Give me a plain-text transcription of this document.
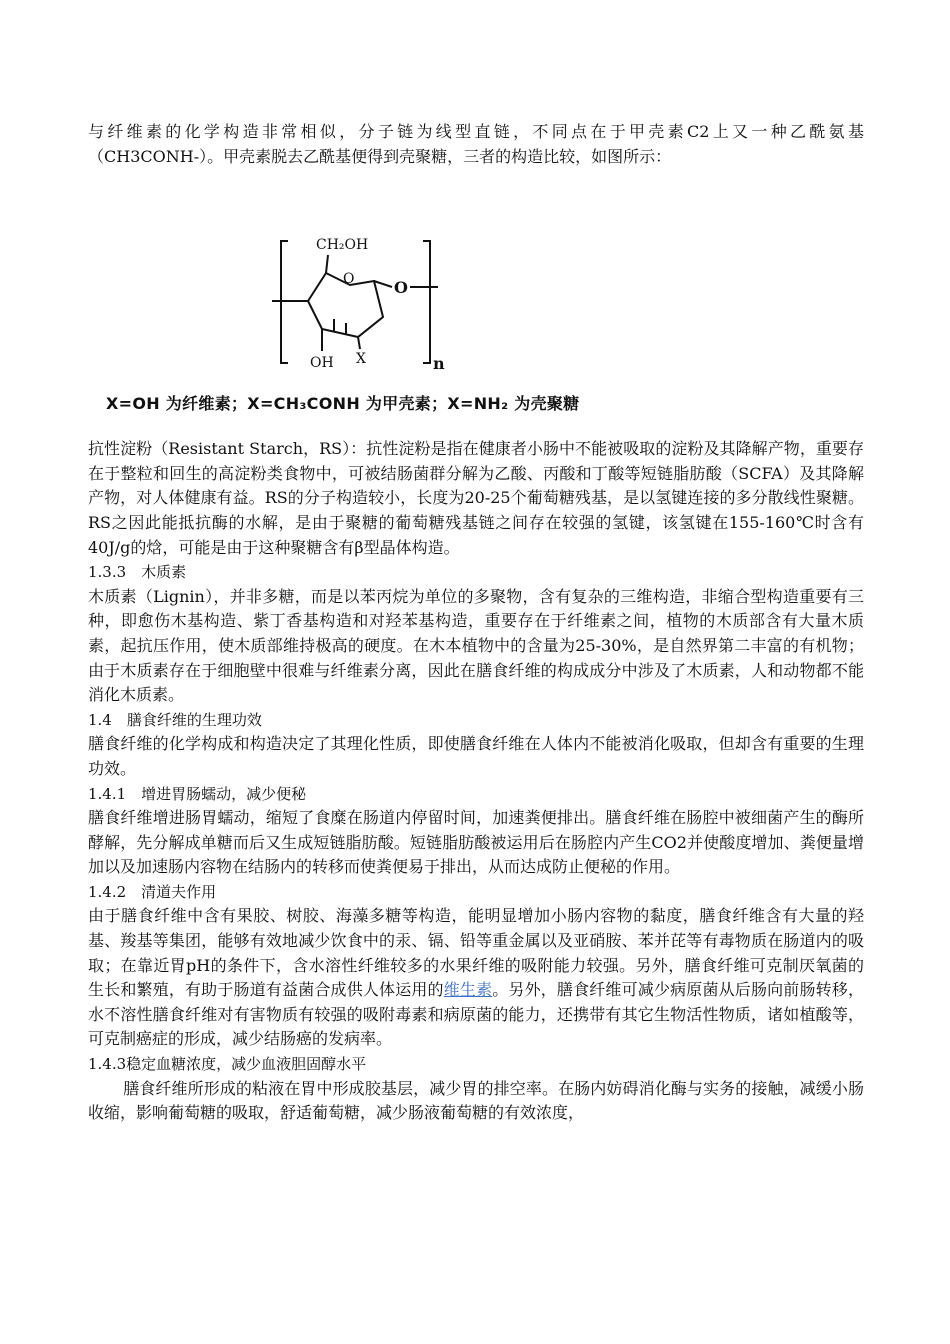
与纤维素的化学构造非常相似，分子链为线型直链，不同点在于甲壳素C2上又一种乙酰氨基（CH3CONH-）。甲壳素脱去乙酰基便得到壳聚糖，三者的构造比较，如图所示：

CH₂OH
O O
OH X	n
X=OH 为纤维素；X=CH₃CONH 为甲壳素；X=NH₂ 为壳聚糖

抗性淀粉（Resistant Starch，RS）：抗性淀粉是指在健康者小肠中不能被吸取的淀粉及其降解产物，重要存在于整粒和回生的高淀粉类食物中，可被结肠菌群分解为乙酸、丙酸和丁酸等短链脂肪酸（SCFA）及其降解产物，对人体健康有益。RS的分子构造较小，长度为20-25个葡萄糖残基，是以氢键连接的多分散线性聚糖。RS之因此能抵抗酶的水解，是由于聚糖的葡萄糖残基链之间存在较强的氢键，该氢键在155-160℃时含有40J/g的焓，可能是由于这种聚糖含有β型晶体构造。

1.3.3　木质素

木质素（Lignin），并非多糖，而是以苯丙烷为单位的多聚物，含有复杂的三维构造，非缩合型构造重要有三种，即愈伤木基构造、紫丁香基构造和对羟苯基构造，重要存在于纤维素之间，植物的木质部含有大量木质素，起抗压作用，使木质部维持极高的硬度。在木本植物中的含量为25-30%，是自然界第二丰富的有机物；由于木质素存在于细胞壁中很难与纤维素分离，因此在膳食纤维的构成成分中涉及了木质素，人和动物都不能消化木质素。

1.4　膳食纤维的生理功效

膳食纤维的化学构成和构造决定了其理化性质，即使膳食纤维在人体内不能被消化吸取，但却含有重要的生理功效。

1.4.1　增进胃肠蠕动，减少便秘

膳食纤维增进肠胃蠕动，缩短了食糜在肠道内停留时间，加速粪便排出。膳食纤维在肠腔中被细菌产生的酶所酵解，先分解成单糖而后又生成短链脂肪酸。短链脂肪酸被运用后在肠腔内产生CO2并使酸度增加、粪便量增加以及加速肠内容物在结肠内的转移而使粪便易于排出，从而达成防止便秘的作用。

1.4.2　清道夫作用

由于膳食纤维中含有果胶、树胶、海藻多糖等构造，能明显增加小肠内容物的黏度，膳食纤维含有大量的羟基、羧基等集团，能够有效地减少饮食中的汞、镉、铅等重金属以及亚硝胺、苯并芘等有毒物质在肠道内的吸取；在靠近胃pH的条件下，含水溶性纤维较多的水果纤维的吸附能力较强。另外，膳食纤维可克制厌氧菌的生长和繁殖，有助于肠道有益菌合成供人体运用的维生素。另外，膳食纤维可减少病原菌从后肠向前肠转移，水不溶性膳食纤维对有害物质有较强的吸附毒素和病原菌的能力，还携带有其它生物活性物质，诸如植酸等，可克制癌症的形成，减少结肠癌的发病率。

1.4.3稳定血糖浓度，减少血液胆固醇水平

膳食纤维所形成的粘液在胃中形成胶基层，减少胃的排空率。在肠内妨碍消化酶与实务的接触，减缓小肠收缩，影响葡萄糖的吸取，舒适葡萄糖，减少肠液葡萄糖的有效浓度，
